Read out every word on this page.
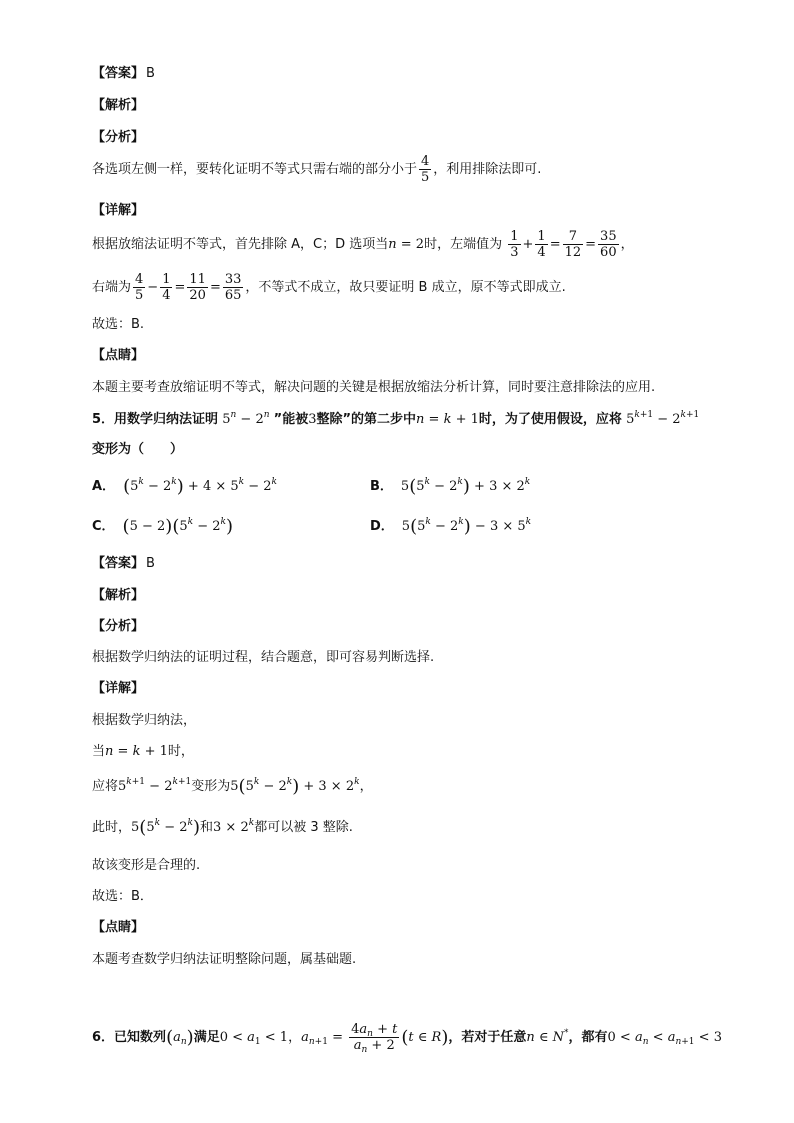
【答案】 B
【解析】
【分析】
各选项左侧一样，要转化证明不等式只需右端的部分小于 $\frac{4}{5}$ ，利用排除法即可.
【详解】
根据放缩法证明不等式，首先排除 A，C；D 选项当n = 2时，左端值为 $\frac{1}{3} + \frac{1}{4} = \frac{7}{12} = \frac{35}{60}$ ，
右端为 $\frac{4}{5} - \frac{1}{4} = \frac{11}{20} = \frac{33}{65}$ ，不等式不成立，故只要证明 B 成立，原不等式即成立.
故选：B.
【点睛】
本题主要考查放缩证明不等式，解决问题的关键是根据放缩法分析计算，同时要注意排除法的应用.
5．用数学归纳法证明 $5^n - 2^n$ ”能被3整除”的第二步中n = k + 1时，为了使用假设，应将 $5^{k+1} - 2^{k+1}$
变形为（　　）
A． $(5^k - 2^k) + 4 \times 5^k - 2^k$	B． $5(5^k - 2^k) + 3 \times 2^k$
C． $(5 - 2)(5^k - 2^k)$	D． $5(5^k - 2^k) - 3 \times 5^k$
【答案】 B
【解析】
【分析】
根据数学归纳法的证明过程，结合题意，即可容易判断选择.
【详解】
根据数学归纳法，
当n = k + 1时，
应将$5^{k+1} - 2^{k+1}$变形为$5(5^k - 2^k) + 3 \times 2^k$，
此时，$5(5^k - 2^k)$和$3 \times 2^k$都可以被 3 整除.
故该变形是合理的.
故选：B．
【点睛】
本题考查数学归纳法证明整除问题，属基础题.
6．已知数列$(a_n)$满足$0 < a_1 < 1$，$a_{n+1} = \frac{4a_n + t}{a_n + 2} (t$ ∈ R)，若对于任意n ∈ N*，都有$0 < a_n < a_{n+1} < 3$
